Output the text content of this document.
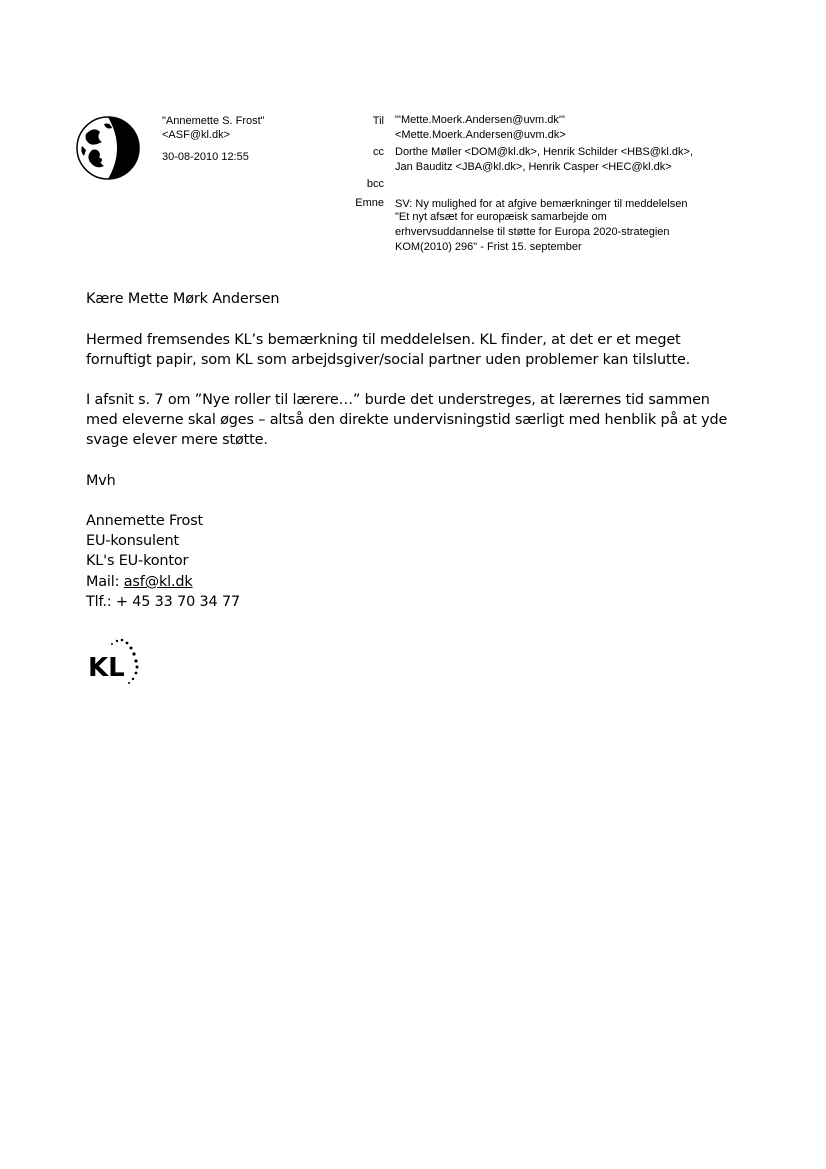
"Annemette S. Frost"
<ASF@kl.dk>
30-08-2010 12:55
Til
cc
bcc
Emne
"'Mette.Moerk.Andersen@uvm.dk'"
<Mette.Moerk.Andersen@uvm.dk>
Dorthe Møller <DOM@kl.dk>, Henrik Schilder <HBS@kl.dk>,
Jan Bauditz <JBA@kl.dk>, Henrik Casper <HEC@kl.dk>
SV: Ny mulighed for at afgive bemærkninger til meddelelsen
"Et nyt afsæt for europæisk samarbejde om
erhvervsuddannelse til støtte for Europa 2020-strategien
KOM(2010) 296" - Frist 15. september
Kære Mette Mørk Andersen
Hermed fremsendes KL’s bemærkning til meddelelsen. KL finder, at det er et meget
fornuftigt papir, som KL som arbejdsgiver/social partner uden problemer kan tilslutte.
I afsnit s. 7 om ”Nye roller til lærere…” burde det understreges, at lærernes tid sammen
med eleverne skal øges – altså den direkte undervisningstid særligt med henblik på at yde
svage elever mere støtte.
Mvh
Annemette Frost
EU-konsulent
KL's EU-kontor
Mail: asf@kl.dk
Tlf.: + 45 33 70 34 77
KL
